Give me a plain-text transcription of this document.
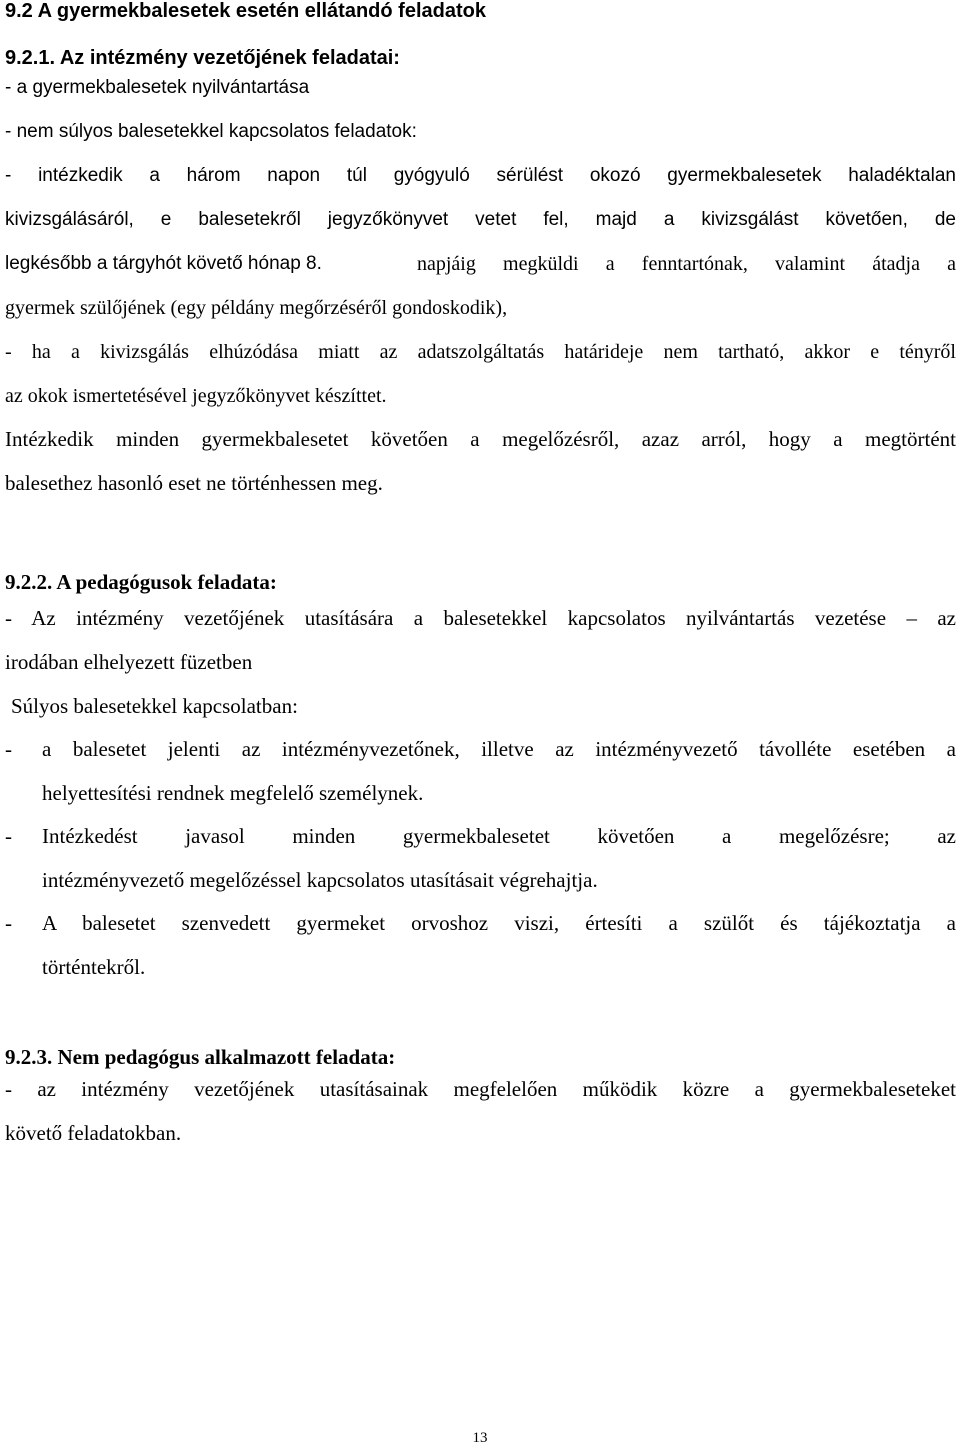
9.2 A gyermekbalesetek esetén ellátandó feladatok
9.2.1. Az intézmény vezetőjének feladatai:
- a gyermekbalesetek nyilvántartása
- nem súlyos balesetekkel kapcsolatos feladatok:
- intézkedik a három napon túl gyógyuló sérülést okozó gyermekbalesetek haladéktalan
kivizsgálásáról, e balesetekről jegyzőkönyvet vetet fel, majd a kivizsgálást követően, de
legkésőbb a tárgyhót követő hónap 8.	napjáig megküldi a fenntartónak, valamint átadja a
gyermek szülőjének (egy példány megőrzéséről gondoskodik),
- ha a kivizsgálás elhúzódása miatt az adatszolgáltatás határideje nem tartható, akkor e tényről
az okok ismertetésével jegyzőkönyvet készíttet.
Intézkedik minden gyermekbalesetet követően a megelőzésről, azaz arról, hogy a megtörtént
balesethez hasonló eset ne történhessen meg.
9.2.2. A pedagógusok feladata:
- Az intézmény vezetőjének utasítására a balesetekkel kapcsolatos nyilvántartás vezetése – az
irodában elhelyezett füzetben
Súlyos balesetekkel kapcsolatban:
- a balesetet jelenti az intézményvezetőnek, illetve az intézményvezető távolléte esetében a
helyettesítési rendnek megfelelő személynek.
- Intézkedést javasol minden gyermekbalesetet követően a megelőzésre; az
intézményvezető megelőzéssel kapcsolatos utasításait végrehajtja.
- A balesetet szenvedett gyermeket orvoshoz viszi, értesíti a szülőt és tájékoztatja a
történtekről.
9.2.3. Nem pedagógus alkalmazott feladata:
- az intézmény vezetőjének utasításainak megfelelően működik közre a gyermekbaleseteket
követő feladatokban.
13
